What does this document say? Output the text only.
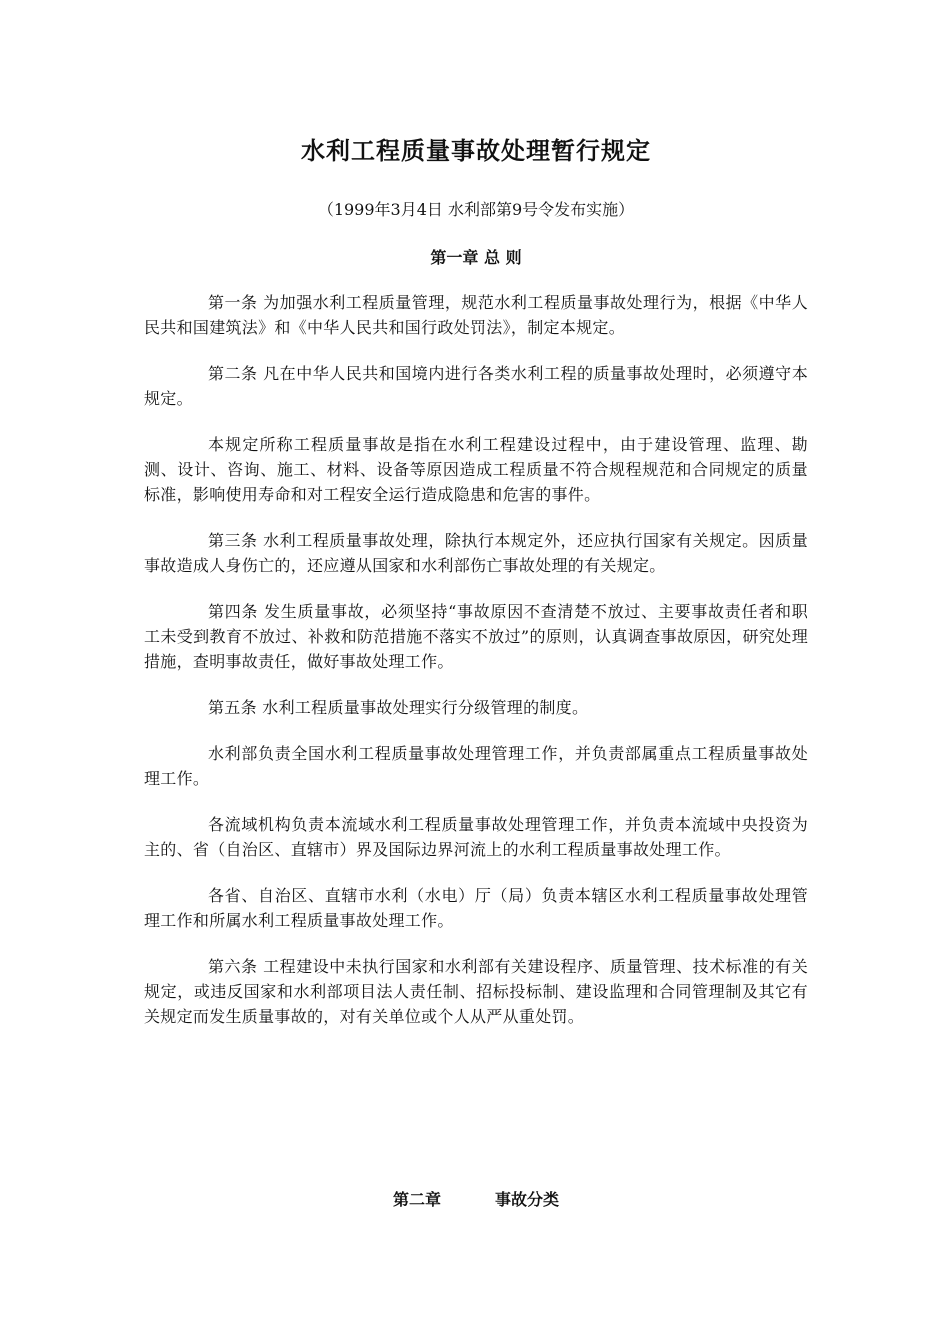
水利工程质量事故处理暂行规定
（1999年3月4日 水利部第9号令发布实施）
第一章 总 则

第一条 为加强水利工程质量管理，规范水利工程质量事故处理行为，根据《中华人民共和国建筑法》和《中华人民共和国行政处罚法》，制定本规定。

第二条 凡在中华人民共和国境内进行各类水利工程的质量事故处理时，必须遵守本规定。

本规定所称工程质量事故是指在水利工程建设过程中，由于建设管理、监理、勘测、设计、咨询、施工、材料、设备等原因造成工程质量不符合规程规范和合同规定的质量标准，影响使用寿命和对工程安全运行造成隐患和危害的事件。

第三条 水利工程质量事故处理，除执行本规定外，还应执行国家有关规定。因质量事故造成人身伤亡的，还应遵从国家和水利部伤亡事故处理的有关规定。

第四条 发生质量事故，必须坚持“事故原因不查清楚不放过、主要事故责任者和职工未受到教育不放过、补救和防范措施不落实不放过”的原则，认真调查事故原因，研究处理措施，查明事故责任，做好事故处理工作。

第五条 水利工程质量事故处理实行分级管理的制度。

水利部负责全国水利工程质量事故处理管理工作，并负责部属重点工程质量事故处理工作。

各流域机构负责本流域水利工程质量事故处理管理工作，并负责本流域中央投资为主的、省（自治区、直辖市）界及国际边界河流上的水利工程质量事故处理工作。

各省、自治区、直辖市水利（水电）厅（局）负责本辖区水利工程质量事故处理管理工作和所属水利工程质量事故处理工作。

第六条 工程建设中未执行国家和水利部有关建设程序、质量管理、技术标准的有关规定，或违反国家和水利部项目法人责任制、招标投标制、建设监理和合同管理制及其它有关规定而发生质量事故的，对有关单位或个人从严从重处罚。

第二章	事故分类
